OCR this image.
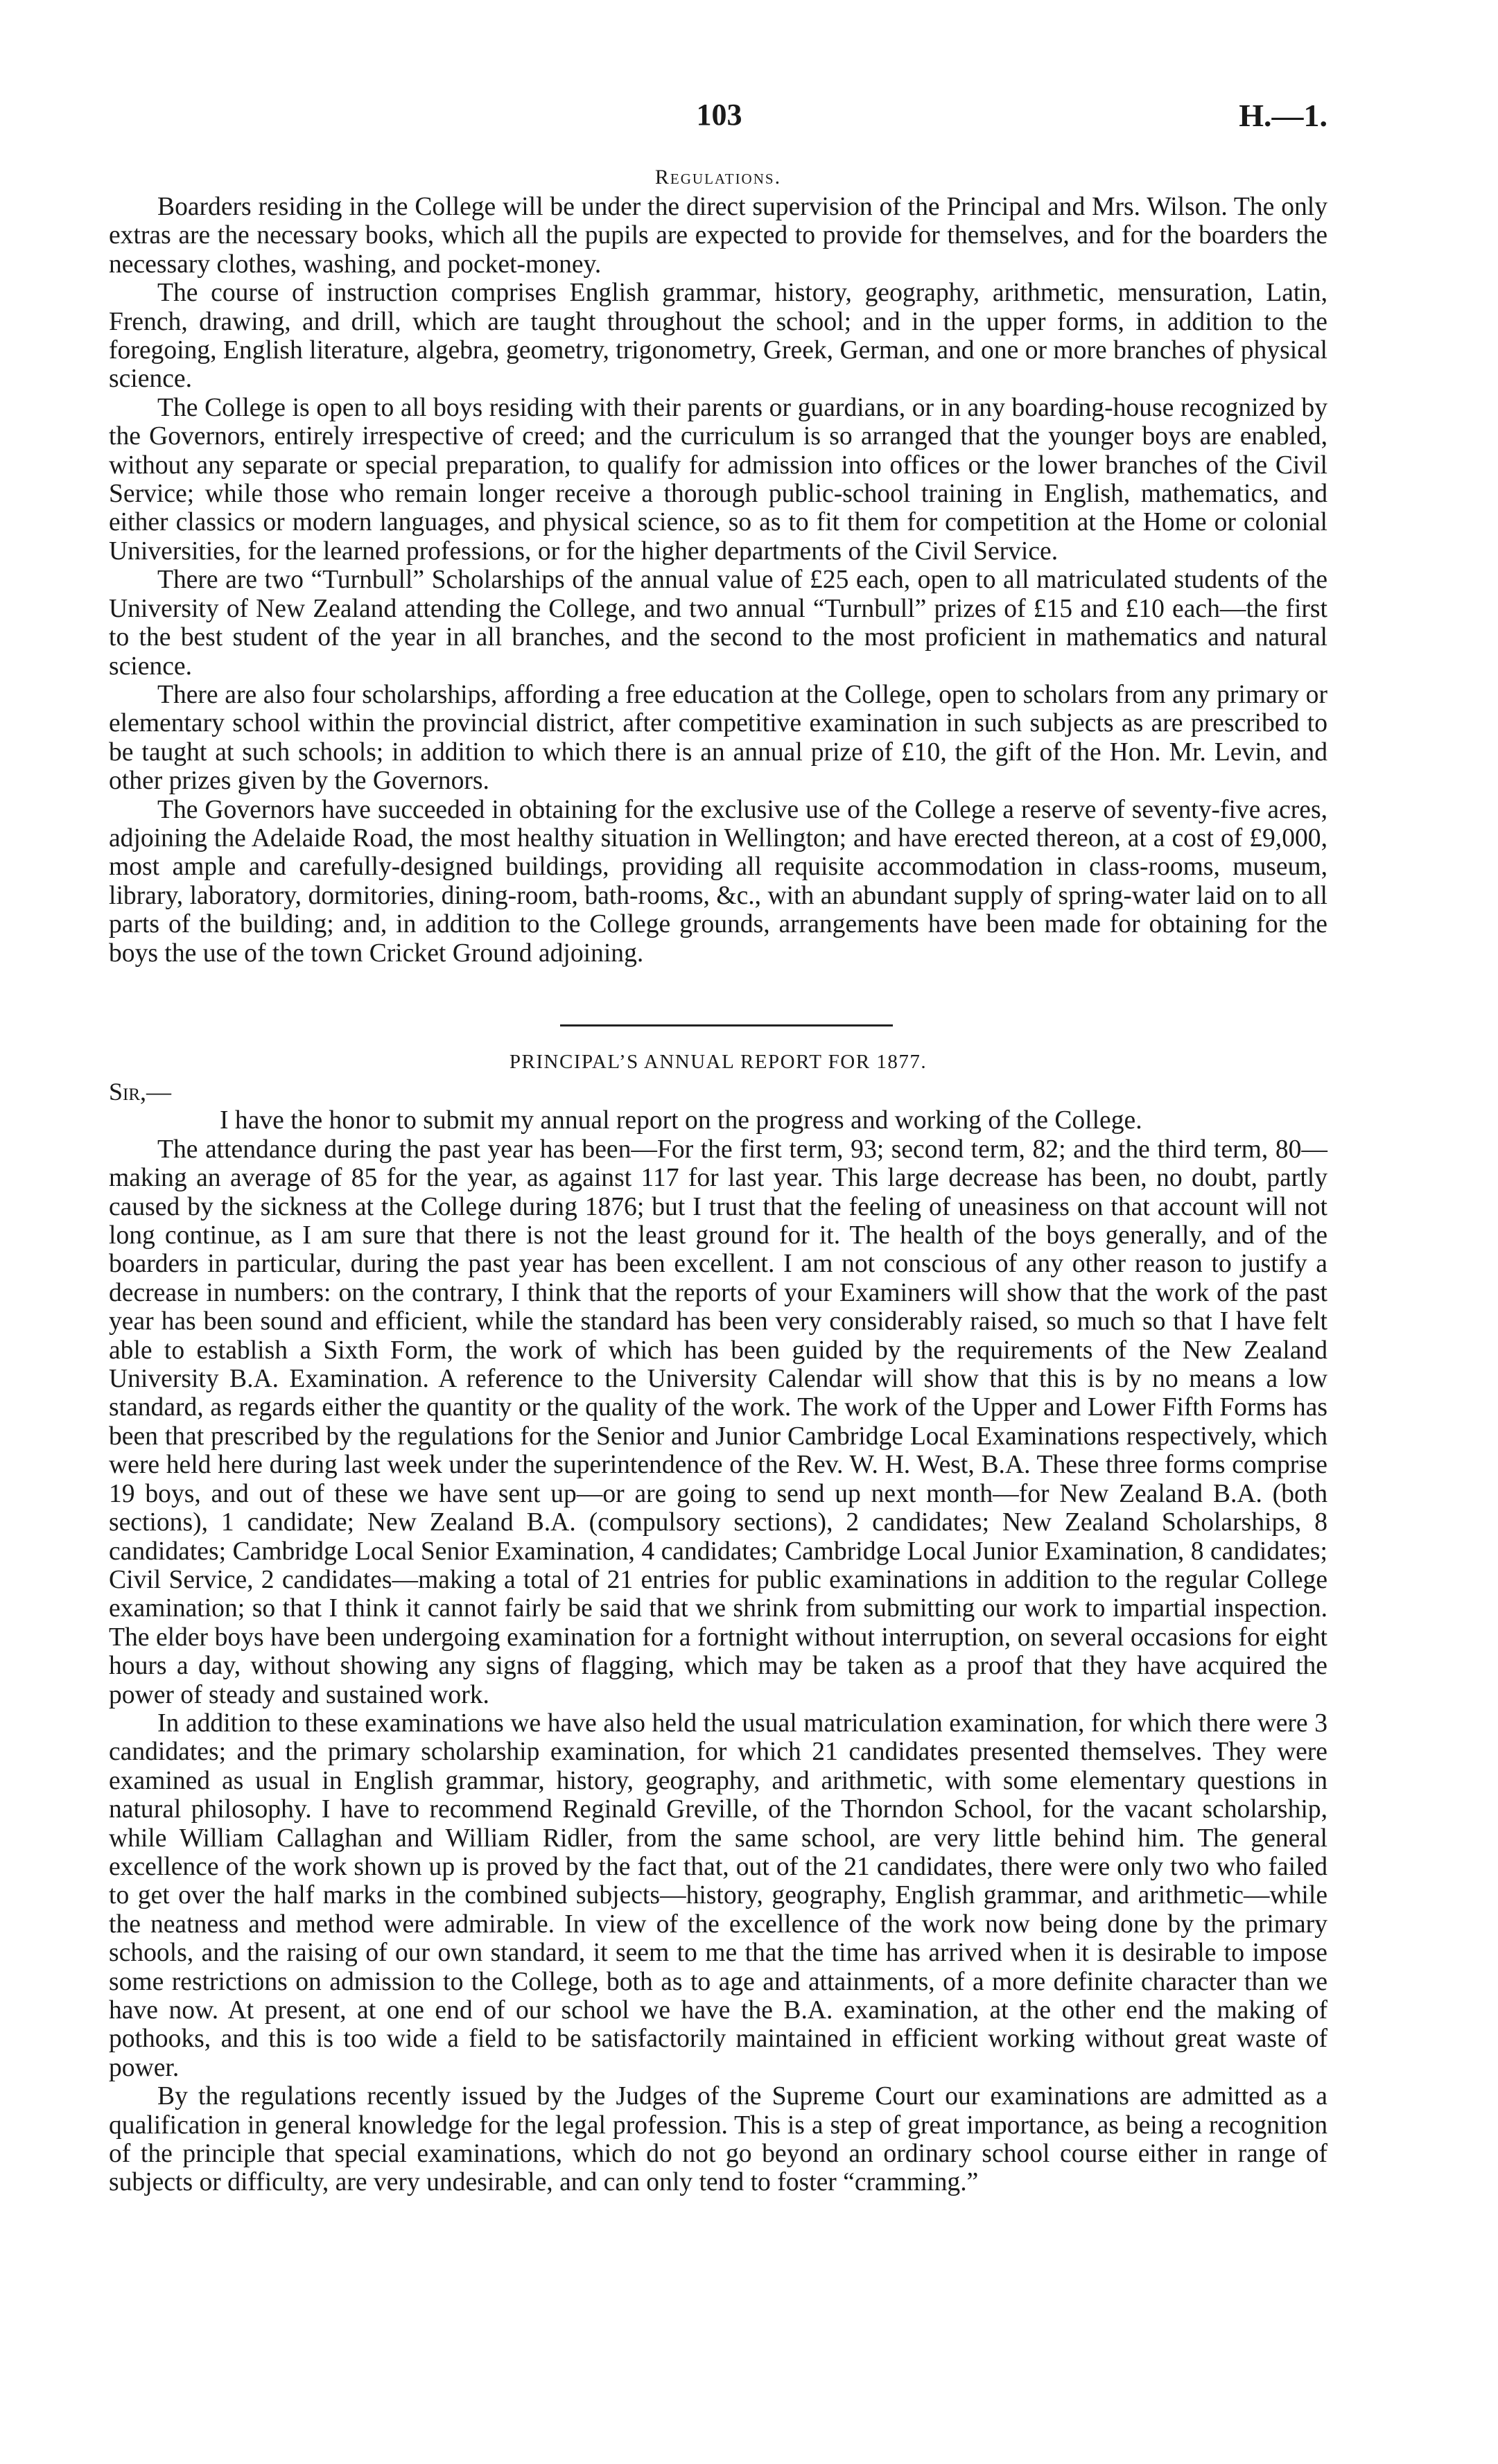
103	H.—1.
Regulations.

Boarders residing in the College will be under the direct supervision of the Principal and Mrs. Wilson. The only extras are the necessary books, which all the pupils are expected to provide for themselves, and for the boarders the necessary clothes, washing, and pocket-money.

The course of instruction comprises English grammar, history, geography, arithmetic, mensuration, Latin, French, drawing, and drill, which are taught throughout the school; and in the upper forms, in addition to the foregoing, English literature, algebra, geometry, trigonometry, Greek, German, and one or more branches of physical science.

The College is open to all boys residing with their parents or guardians, or in any boarding-house recognized by the Governors, entirely irrespective of creed; and the curriculum is so arranged that the younger boys are enabled, without any separate or special preparation, to qualify for admission into offices or the lower branches of the Civil Service; while those who remain longer receive a thorough public-school training in English, mathematics, and either classics or modern languages, and physical science, so as to fit them for competition at the Home or colonial Universities, for the learned professions, or for the higher departments of the Civil Service.

There are two “Turnbull” Scholarships of the annual value of £25 each, open to all matriculated students of the University of New Zealand attending the College, and two annual “Turnbull” prizes of £15 and £10 each—the first to the best student of the year in all branches, and the second to the most proficient in mathematics and natural science.

There are also four scholarships, affording a free education at the College, open to scholars from any primary or elementary school within the provincial district, after competitive examination in such subjects as are prescribed to be taught at such schools; in addition to which there is an annual prize of £10, the gift of the Hon. Mr. Levin, and other prizes given by the Governors.

The Governors have succeeded in obtaining for the exclusive use of the College a reserve of seventy-five acres, adjoining the Adelaide Road, the most healthy situation in Wellington; and have erected thereon, at a cost of £9,000, most ample and carefully-designed buildings, providing all requisite accommodation in class-rooms, museum, library, laboratory, dormitories, dining-room, bath-rooms, &c., with an abundant supply of spring-water laid on to all parts of the building; and, in addition to the College grounds, arrangements have been made for obtaining for the boys the use of the town Cricket Ground adjoining.

PRINCIPAL’S ANNUAL REPORT FOR 1877.

Sir,—

I have the honor to submit my annual report on the progress and working of the College.

The attendance during the past year has been—For the first term, 93; second term, 82; and the third term, 80—making an average of 85 for the year, as against 117 for last year. This large decrease has been, no doubt, partly caused by the sickness at the College during 1876; but I trust that the feeling of uneasiness on that account will not long continue, as I am sure that there is not the least ground for it. The health of the boys generally, and of the boarders in particular, during the past year has been excellent. I am not conscious of any other reason to justify a decrease in numbers: on the contrary, I think that the reports of your Examiners will show that the work of the past year has been sound and efficient, while the standard has been very considerably raised, so much so that I have felt able to establish a Sixth Form, the work of which has been guided by the requirements of the New Zealand University B.A. Examination. A reference to the University Calendar will show that this is by no means a low standard, as regards either the quantity or the quality of the work. The work of the Upper and Lower Fifth Forms has been that prescribed by the regulations for the Senior and Junior Cambridge Local Examinations respectively, which were held here during last week under the superintendence of the Rev. W. H. West, B.A. These three forms comprise 19 boys, and out of these we have sent up—or are going to send up next month—for New Zealand B.A. (both sections), 1 candidate; New Zealand B.A. (compulsory sections), 2 candidates; New Zealand Scholarships, 8 candidates; Cambridge Local Senior Examination, 4 candidates; Cambridge Local Junior Examination, 8 candidates; Civil Service, 2 candidates—making a total of 21 entries for public examinations in addition to the regular College examination; so that I think it cannot fairly be said that we shrink from submitting our work to impartial inspection. The elder boys have been undergoing examination for a fortnight without interruption, on several occasions for eight hours a day, without showing any signs of flagging, which may be taken as a proof that they have acquired the power of steady and sustained work.

In addition to these examinations we have also held the usual matriculation examination, for which there were 3 candidates; and the primary scholarship examination, for which 21 candidates presented themselves. They were examined as usual in English grammar, history, geography, and arithmetic, with some elementary questions in natural philosophy. I have to recommend Reginald Greville, of the Thorndon School, for the vacant scholarship, while William Callaghan and William Ridler, from the same school, are very little behind him. The general excellence of the work shown up is proved by the fact that, out of the 21 candidates, there were only two who failed to get over the half marks in the combined subjects—history, geography, English grammar, and arithmetic—while the neatness and method were admirable. In view of the excellence of the work now being done by the primary schools, and the raising of our own standard, it seem to me that the time has arrived when it is desirable to impose some restrictions on admission to the College, both as to age and attainments, of a more definite character than we have now. At present, at one end of our school we have the B.A. examination, at the other end the making of pothooks, and this is too wide a field to be satisfactorily maintained in efficient working without great waste of power.

By the regulations recently issued by the Judges of the Supreme Court our examinations are admitted as a qualification in general knowledge for the legal profession. This is a step of great importance, as being a recognition of the principle that special examinations, which do not go beyond an ordinary school course either in range of subjects or difficulty, are very undesirable, and can only tend to foster “cramming.”
